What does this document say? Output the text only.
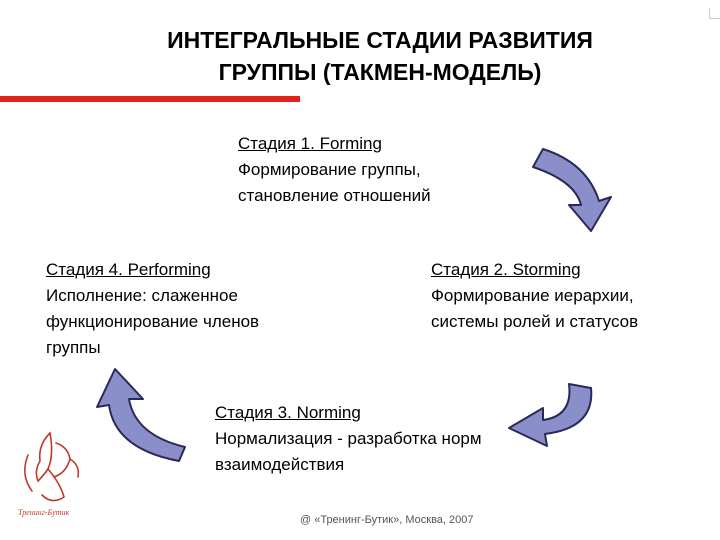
ИНТЕГРАЛЬНЫЕ СТАДИИ РАЗВИТИЯ
ГРУППЫ (ТАКМЕН-МОДЕЛЬ)
Стадия 1. Forming
Формирование группы, становление отношений
Стадия 2. Storming
Формирование иерархии, системы ролей и статусов
Стадия 3. Norming
Нормализация - разработка норм взаимодействия
Стадия 4. Performing
Исполнение: слаженное функционирование членов группы
Тренинг-Бутик
@ «Тренинг-Бутик», Москва, 2007
